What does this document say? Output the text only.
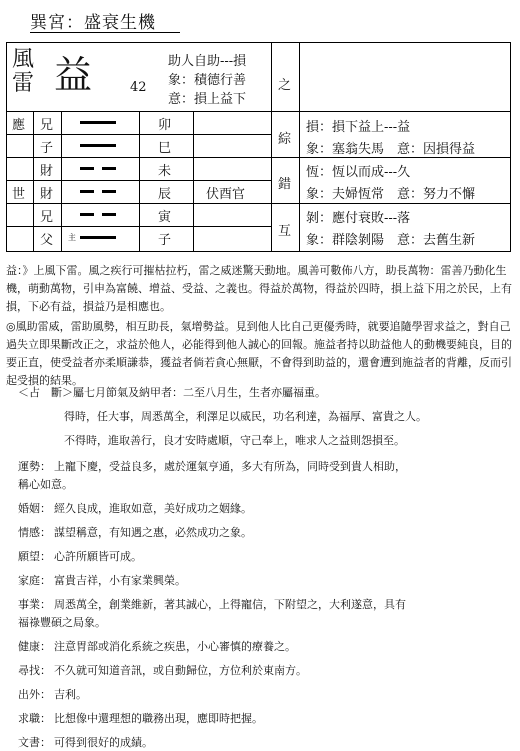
巽宮：盛衰生機
風
雷 益	42
助人自助---損
象：積德行善
意：損上益下
之
應 兄	卯
子	巳
財	未
世 財	辰	伏酉官
兄	寅
父 主	子
綜
損：損下益上---益
象：塞翁失馬　意：因損得益
錯
恆：恆以而成---久
象：夫婦恆常　意：努力不懈
互
剝：應付衰敗---落
象：群陰剝陽　意：去舊生新

益：》上風下雷。風之疾行可摧枯拉朽，雷之威迷驚天動地。風善可數佈八方，助長萬物：雷善乃動化生機，萌動萬物，引申為富饒、增益、受益、之義也。得益於萬物，得益於四時，損上益下用之於民，上有損，下必有益，損益乃是相應也。

◎風助雷威，雷助風勢，相互助長，氣增勢益。見到他人比自己更優秀時，就要追隨學習求益之，對自己過失立即果斷改正之，求益於他人，必能得到他人誠心的回報。施益者持以助益他人的動機要純良，目的要正直，使受益者亦柔順謙恭，獲益者倘若貪心無厭，不會得到助益的，還會遭到施益者的背離，反而引起受損的結果。

＜占　斷＞屬七月節氣及納甲者：二至八月生，生者亦屬福重。
得時，任大事，周悉萬全，利澤足以威民，功名利達，為福厚、富貴之人。
不得時，進取善行，良才安時處順，守己奉上，唯求人之益則怨損至。
運勢： 上寵下慶，受益良多，處於運氣亨通，多大有所為，同時受到貴人相助，
稱心如意。
婚姻： 經久良成，進取如意，美好成功之姻緣。
情感： 謀望稱意，有知遇之惠，必然成功之象。
願望： 心許所願皆可成。
家庭： 富貴吉祥，小有家業興榮。
事業： 周悉萬全，創業維新，著其誠心，上得寵信，下附望之，大利遂意，具有
福祿豐碩之局象。
健康： 注意胃部或消化系統之疾患，小心審慎的療養之。
尋找： 不久就可知道音訊，或自動歸位，方位利於東南方。
出外： 吉利。
求職： 比想像中還理想的職務出現，應即時把握。
文書： 可得到很好的成績。
